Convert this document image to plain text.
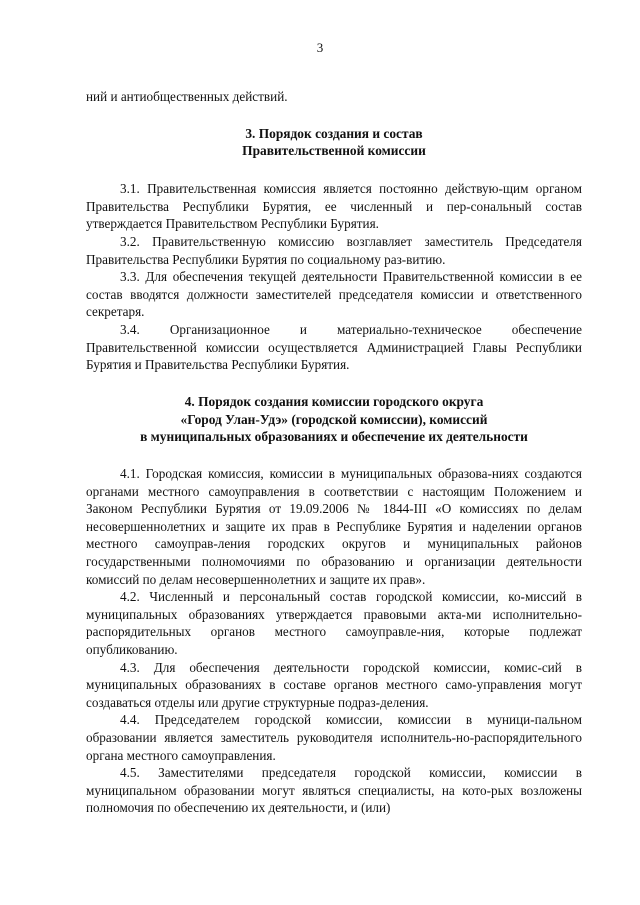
3

ний и антиобщественных действий.

3. Порядок создания и состав

Правительственной комиссии

3.1. Правительственная комиссия является постоянно действую-щим органом Правительства Республики Бурятия, ее численный и пер-сональный состав утверждается Правительством Республики Бурятия.

3.2. Правительственную комиссию возглавляет заместитель Председателя Правительства Республики Бурятия по социальному раз-витию.

3.3. Для обеспечения текущей деятельности Правительственной комиссии в ее состав вводятся должности заместителей председателя комиссии и ответственного секретаря.

3.4. Организационное и материально-техническое обеспечение Правительственной комиссии осуществляется Администрацией Главы Республики Бурятия и Правительства Республики Бурятия.

4. Порядок создания комиссии городского округа

«Город Улан-Удэ» (городской комиссии), комиссий

в муниципальных образованиях и обеспечение их деятельности

4.1. Городская комиссия, комиссии в муниципальных образова-ниях создаются органами местного самоуправления в соответствии с настоящим Положением и Законом Республики Бурятия от 19.09.2006 № 1844-III «О комиссиях по делам несовершеннолетних и защите их прав в Республике Бурятия и наделении органов местного самоуправ-ления городских округов и муниципальных районов государственными полномочиями по образованию и организации деятельности комиссий по делам несовершеннолетних и защите их прав».

4.2. Численный и персональный состав городской комиссии, ко-миссий в муниципальных образованиях утверждается правовыми акта-ми исполнительно-распорядительных органов местного самоуправле-ния, которые подлежат опубликованию.

4.3. Для обеспечения деятельности городской комиссии, комис-сий в муниципальных образованиях в составе органов местного само-управления могут создаваться отделы или другие структурные подраз-деления.

4.4. Председателем городской комиссии, комиссии в муници-пальном образовании является заместитель руководителя исполнитель-но-распорядительного органа местного самоуправления.

4.5. Заместителями председателя городской комиссии, комиссии в муниципальном образовании могут являться специалисты, на кото-рых возложены полномочия по обеспечению их деятельности, и (или)
